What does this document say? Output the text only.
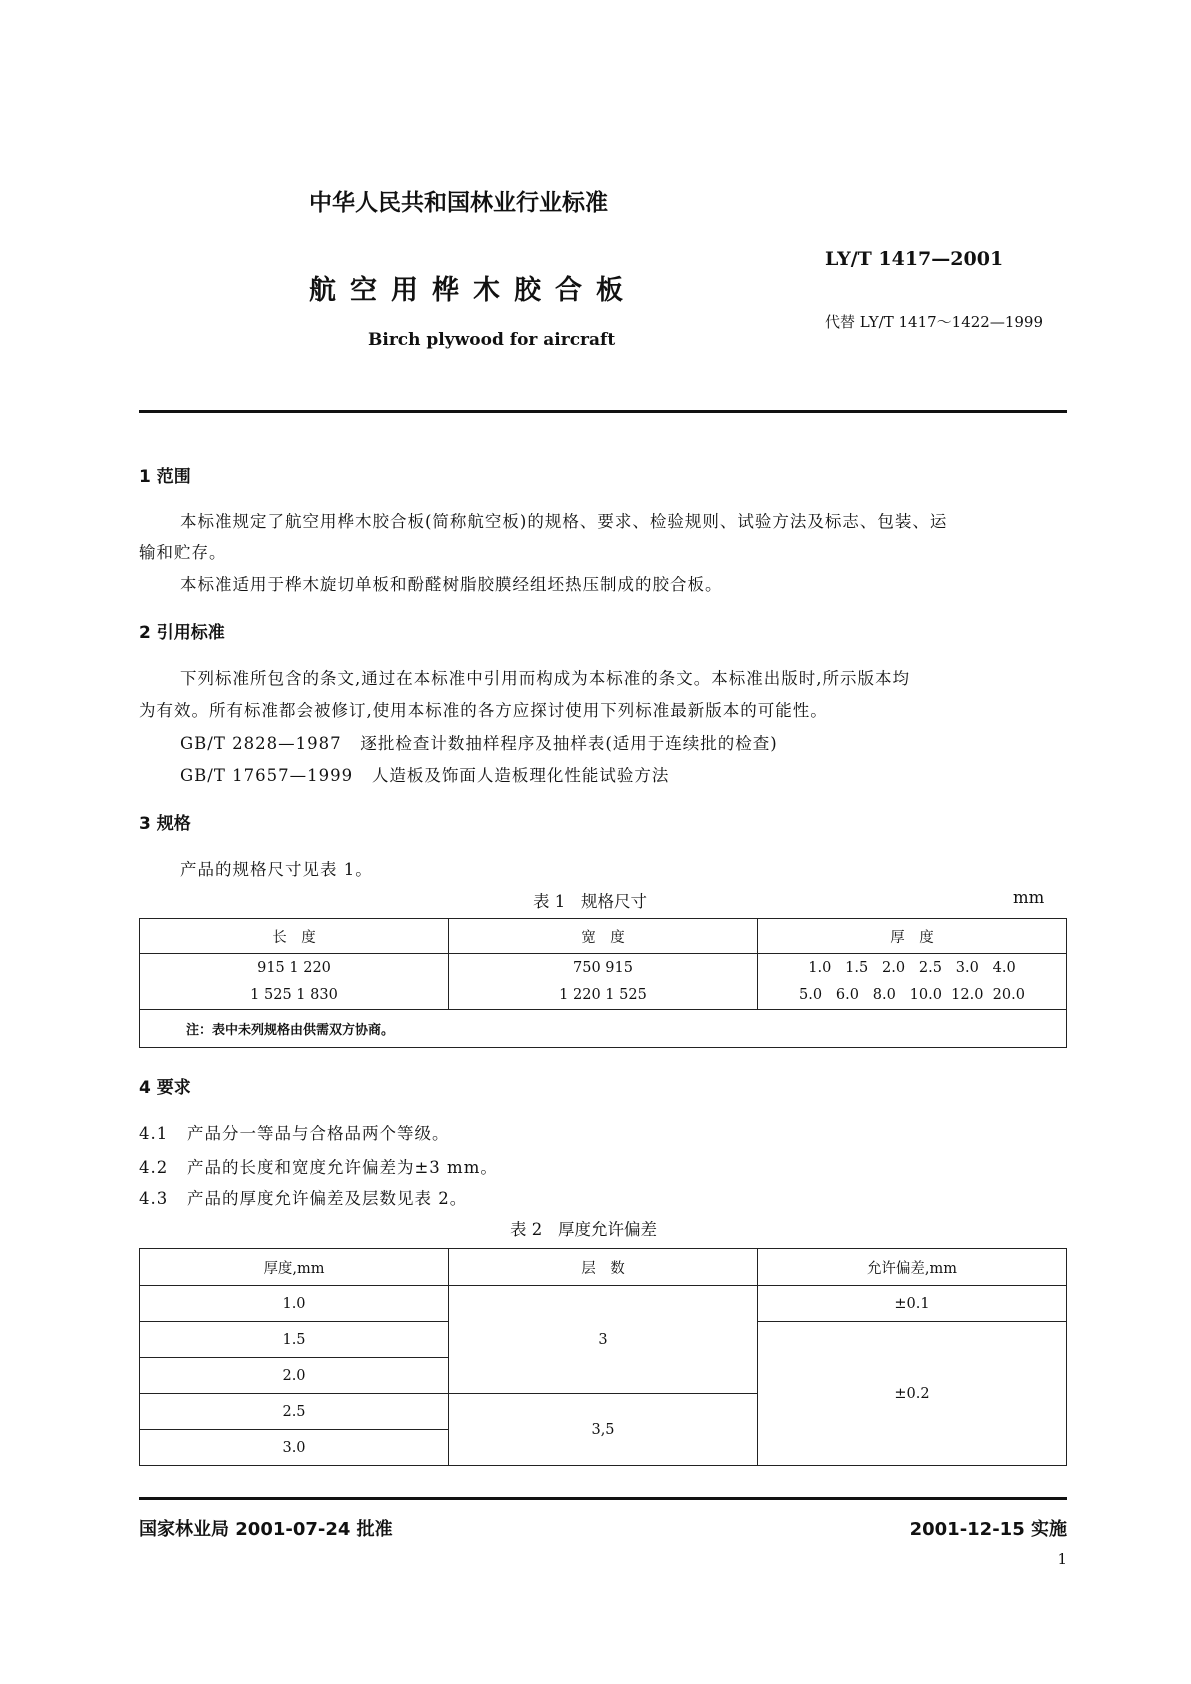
中华人民共和国林业行业标准
LY/T 1417—2001
航空用桦木胶合板
代替 LY/T 1417～1422—1999
Birch plywood for aircraft
1 范围
本标准规定了航空用桦木胶合板(简称航空板)的规格、要求、检验规则、试验方法及标志、包装、运
输和贮存。
本标准适用于桦木旋切单板和酚醛树脂胶膜经组坯热压制成的胶合板。
2 引用标准
下列标准所包含的条文,通过在本标准中引用而构成为本标准的条文。本标准出版时,所示版本均
为有效。所有标准都会被修订,使用本标准的各方应探讨使用下列标准最新版本的可能性。
GB/T 2828—1987   逐批检查计数抽样程序及抽样表(适用于连续批的检查)
GB/T 17657—1999   人造板及饰面人造板理化性能试验方法
3 规格
产品的规格尺寸见表 1。
表 1   规格尺寸	mm
长　度	宽　度	厚　度
915 1 220	750 915	1.0   1.5   2.0   2.5   3.0   4.0
1 525 1 830	1 220 1 525	5.0   6.0   8.0   10.0  12.0  20.0
注：表中未列规格由供需双方协商。		
4 要求
4.1   产品分一等品与合格品两个等级。
4.2   产品的长度和宽度允许偏差为±3 mm。
4.3   产品的厚度允许偏差及层数见表 2。
表 2   厚度允许偏差
厚度,mm	层　数	允许偏差,mm
1.0	3	±0.1
1.5		±0.2
2.0		
2.5	3,5	
3.0		
国家林业局 2001-07-24 批准	2001-12-15 实施
1
